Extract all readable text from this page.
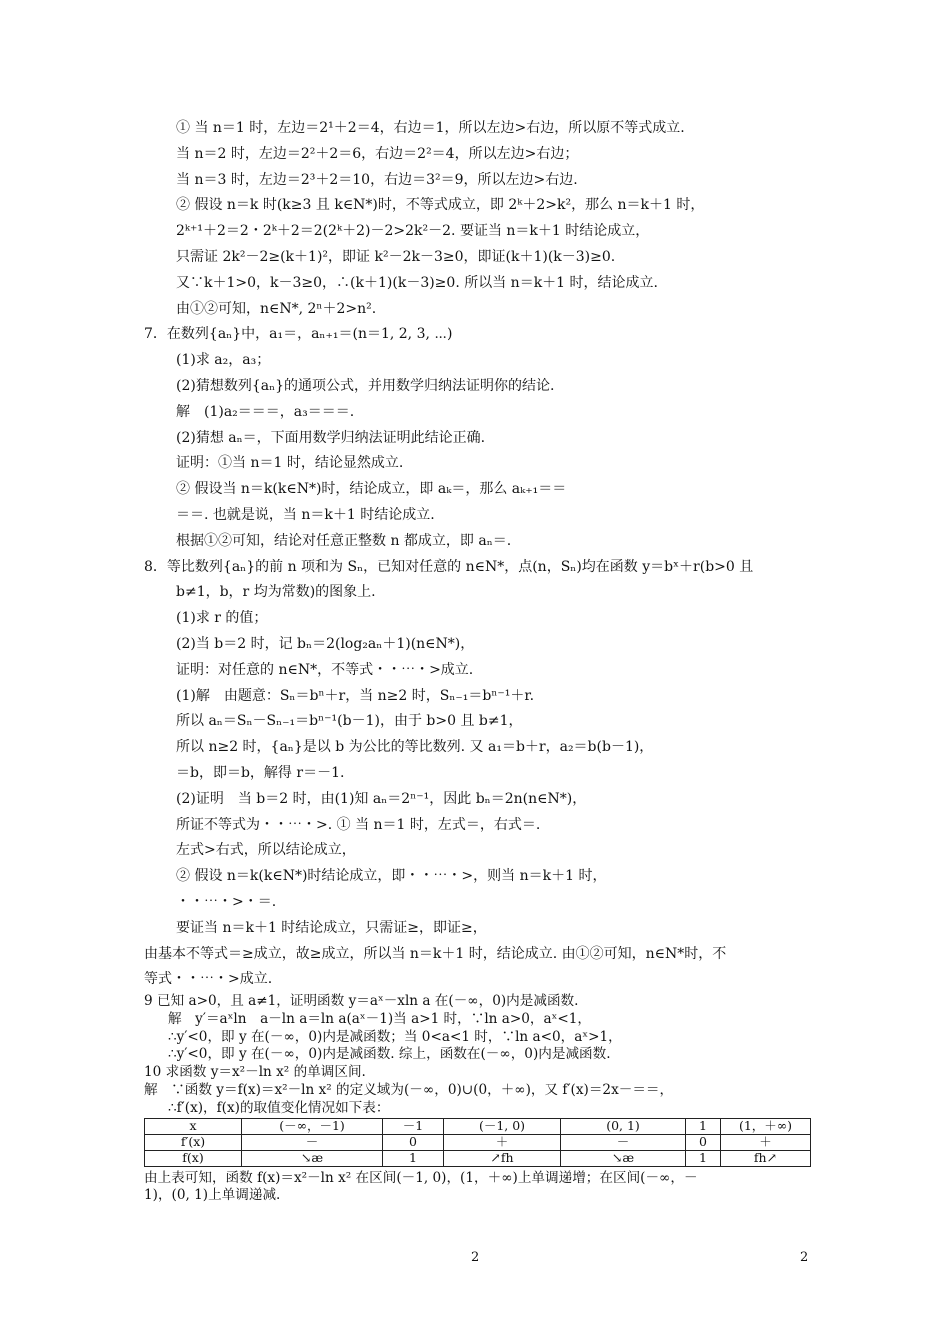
① 当 n＝1 时，左边＝2¹＋2＝4，右边＝1，所以左边>右边，所以原不等式成立.
当 n＝2 时，左边＝2²＋2＝6，右边＝2²＝4，所以左边>右边；
当 n＝3 时，左边＝2³＋2＝10，右边＝3²＝9，所以左边>右边.
② 假设 n＝k 时(k≥3 且 k∈N*)时，不等式成立，即 2ᵏ＋2>k²，那么 n＝k＋1 时，
2ᵏ⁺¹＋2＝2・2ᵏ＋2＝2(2ᵏ＋2)－2>2k²－2. 要证当 n＝k＋1 时结论成立，
只需证 2k²－2≥(k＋1)²，即证 k²－2k－3≥0，即证(k＋1)(k－3)≥0.
又∵k＋1>0，k－3≥0，∴(k＋1)(k－3)≥0. 所以当 n＝k＋1 时，结论成立.
由①②可知，n∈N*, 2ⁿ＋2>n².
7．在数列{aₙ}中，a₁＝，aₙ₊₁＝(n＝1, 2, 3, ⋯)
(1)求 a₂，a₃；
(2)猜想数列{aₙ}的通项公式，并用数学归纳法证明你的结论.
解　(1)a₂＝＝＝，a₃＝＝＝.
(2)猜想 aₙ＝，下面用数学归纳法证明此结论正确.
证明：①当 n＝1 时，结论显然成立.
② 假设当 n＝k(k∈N*)时，结论成立，即 aₖ＝，那么 aₖ₊₁＝＝
＝＝. 也就是说，当 n＝k＋1 时结论成立.
根据①②可知，结论对任意正整数 n 都成立，即 aₙ＝.
8．等比数列{aₙ}的前 n 项和为 Sₙ，已知对任意的 n∈N*，点(n，Sₙ)均在函数 y＝bˣ＋r(b>0 且
b≠1，b，r 均为常数)的图象上.
(1)求 r 的值；
(2)当 b＝2 时，记 bₙ＝2(log₂aₙ＋1)(n∈N*)，
证明：对任意的 n∈N*，不等式・・⋯・>成立.
(1)解　由题意：Sₙ＝bⁿ＋r，当 n≥2 时，Sₙ₋₁＝bⁿ⁻¹＋r.
所以 aₙ＝Sₙ－Sₙ₋₁＝bⁿ⁻¹(b－1)，由于 b>0 且 b≠1，
所以 n≥2 时，{aₙ}是以 b 为公比的等比数列. 又 a₁＝b＋r，a₂＝b(b－1)，
＝b，即＝b，解得 r＝－1.
(2)证明　当 b＝2 时，由(1)知 aₙ＝2ⁿ⁻¹，因此 bₙ＝2n(n∈N*)，
所证不等式为・・⋯・>. ① 当 n＝1 时，左式＝，右式＝.
左式>右式，所以结论成立，
② 假设 n＝k(k∈N*)时结论成立，即・・⋯・>，则当 n＝k＋1 时，
・・⋯・>・＝.
要证当 n＝k＋1 时结论成立，只需证≥，即证≥，
由基本不等式＝≥成立，故≥成立，所以当 n＝k＋1 时，结论成立. 由①②可知，n∈N*时，不
等式・・⋯・>成立.
9 已知 a>0，且 a≠1，证明函数 y＝aˣ－xln a 在(－∞，0)内是减函数.
解　y′＝aˣln　a－ln a＝ln a(aˣ－1)当 a>1 时，∵ln a>0，aˣ<1，
∴y′<0，即 y 在(－∞，0)内是减函数；当 0<a<1 时，∵ln a<0，aˣ>1，
∴y′<0，即 y 在(－∞，0)内是减函数. 综上，函数在(－∞，0)内是减函数.
10 求函数 y＝x²－ln x² 的单调区间.
解　∵函数 y＝f(x)＝x²－ln x² 的定义域为(－∞，0)∪(0，＋∞)，又 f′(x)＝2x－＝＝，
∴f′(x)，f(x)的取值变化情况如下表：
x	(－∞，－1)	－1	(－1, 0)	(0, 1)	1	(1，＋∞)
f′(x)	－	0	＋	－	0	＋
f(x)	↘æ	1	↗fh	↘æ	1	fh↗
由上表可知，函数 f(x)＝x²－ln x² 在区间(－1, 0)，(1，＋∞)上单调递增；在区间(－∞，－
1)，(0, 1)上单调递减.
2	2
